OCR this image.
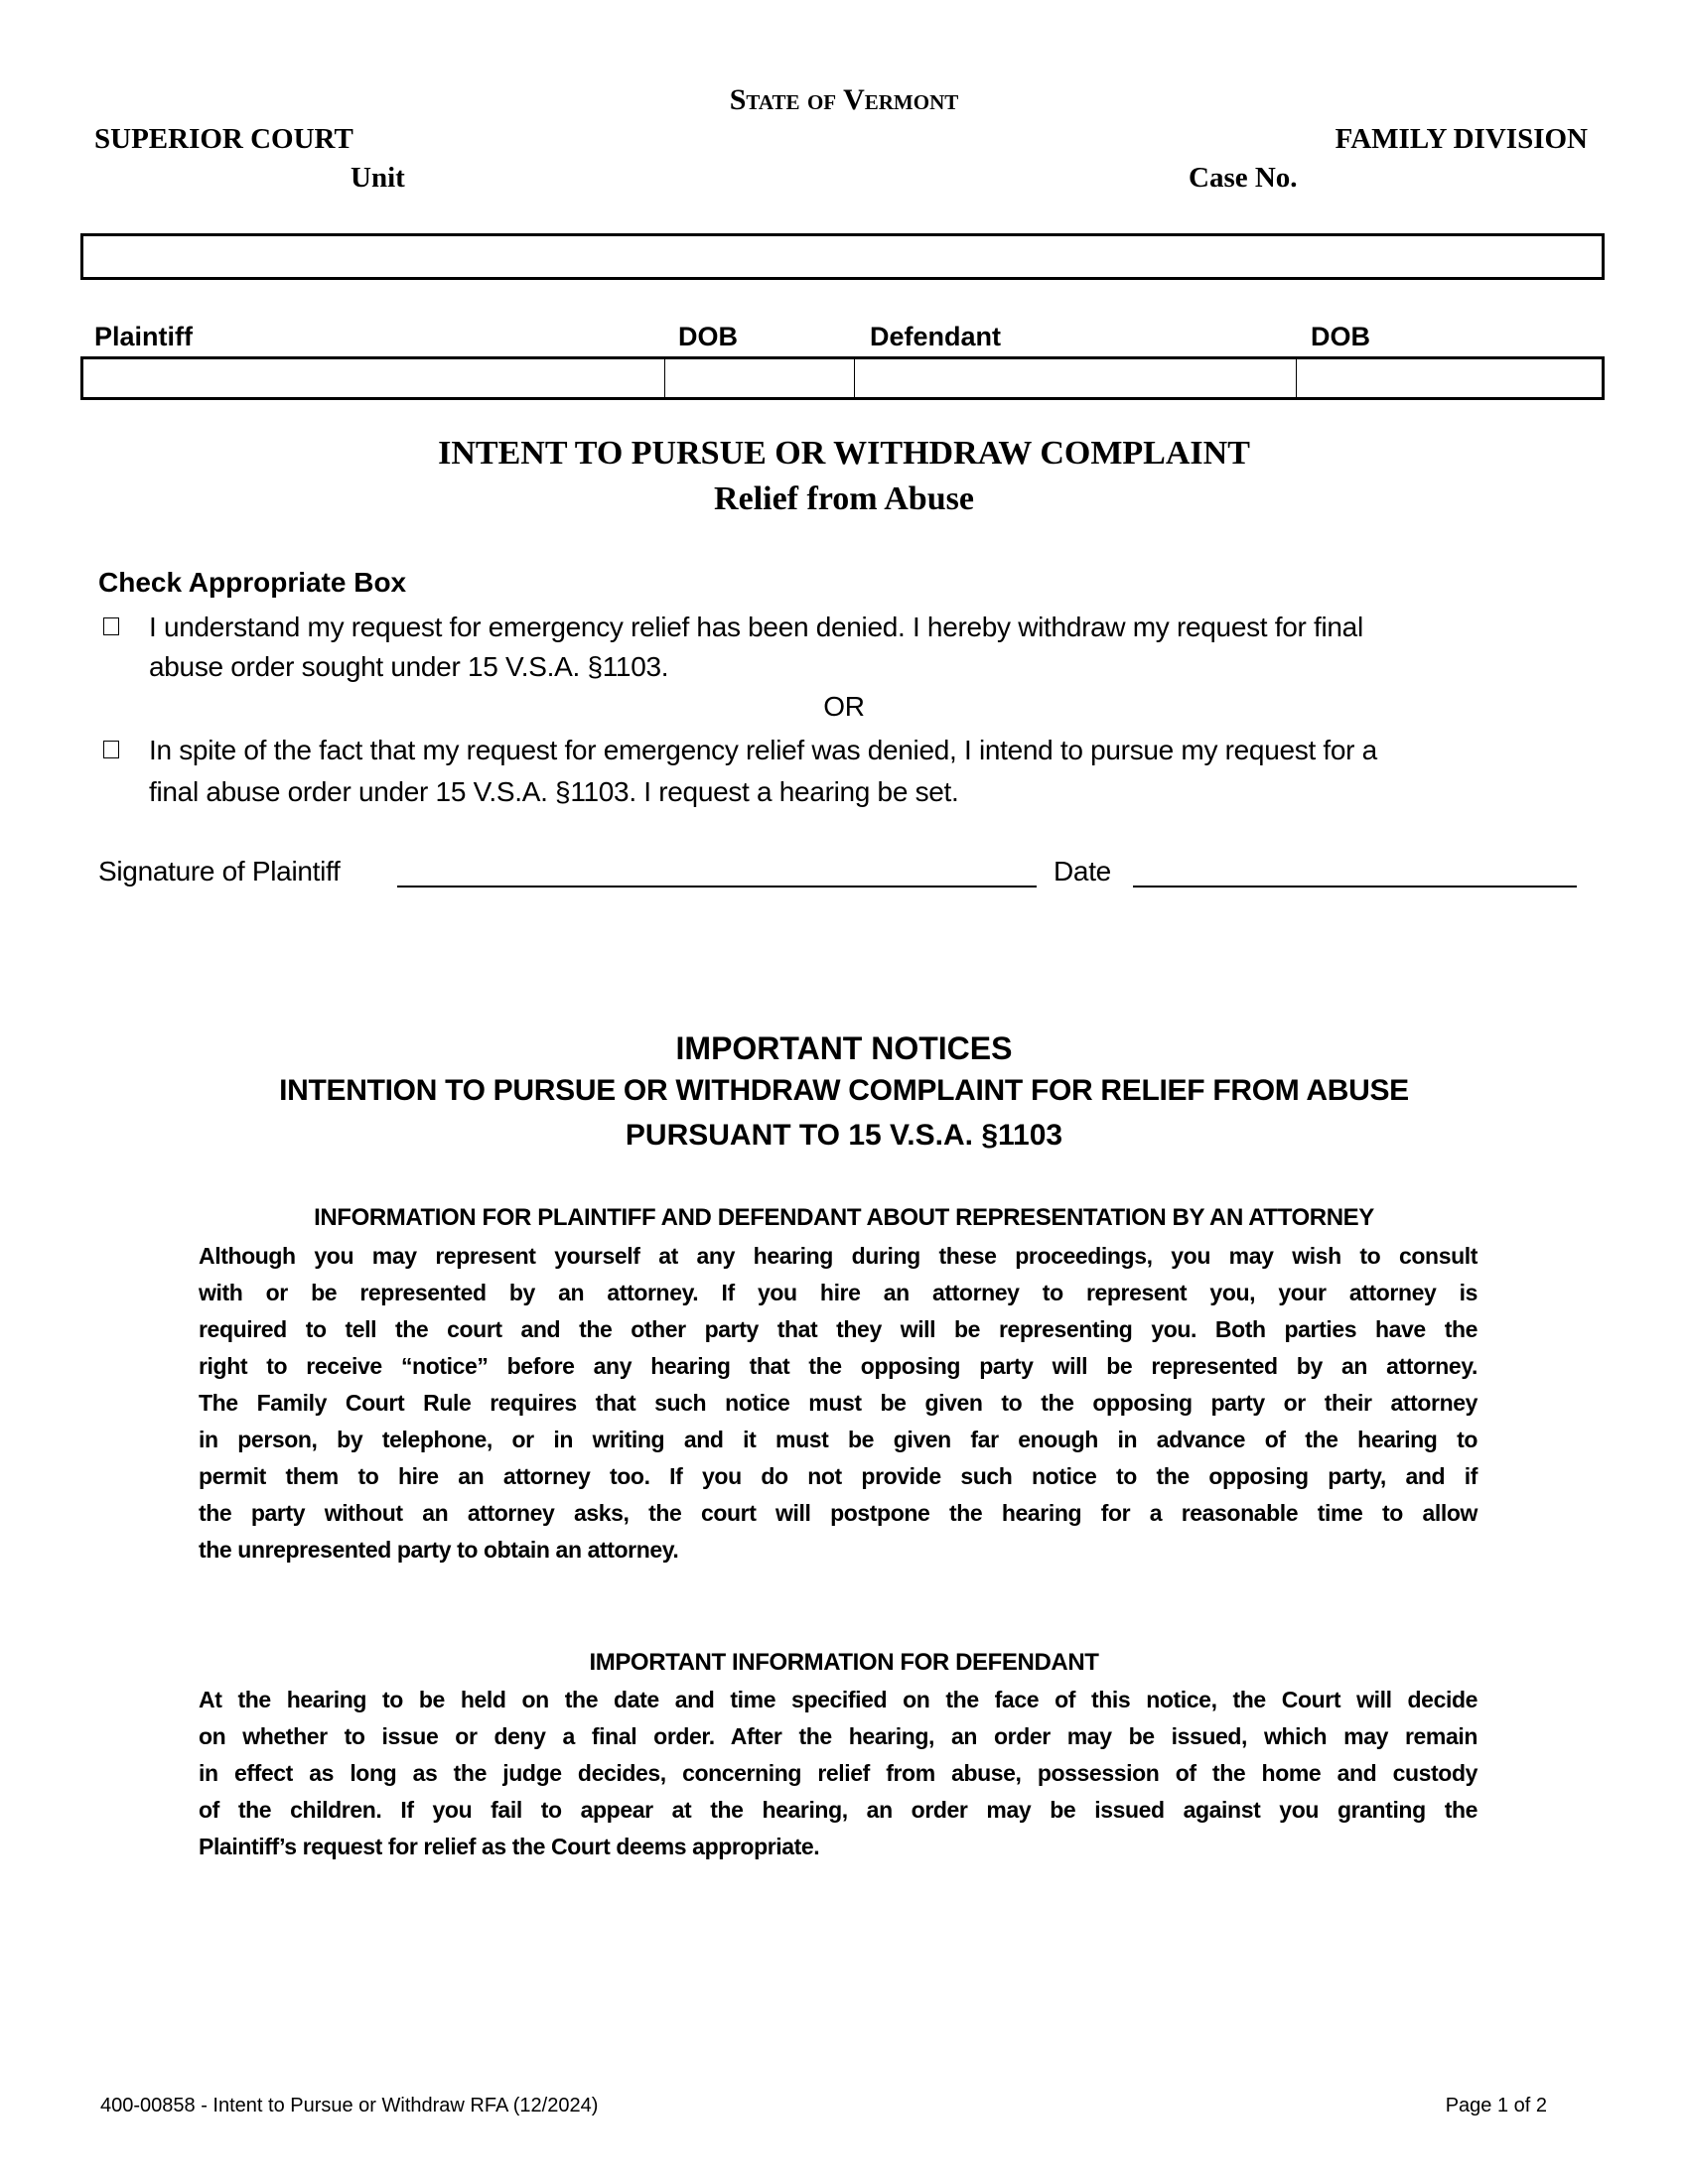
State of Vermont
SUPERIOR COURT	FAMILY DIVISION
Unit	Case No.
Plaintiff	DOB	Defendant	DOB
INTENT TO PURSUE OR WITHDRAW COMPLAINT
Relief from Abuse
Check Appropriate Box
I understand my request for emergency relief has been denied. I hereby withdraw my request for final
abuse order sought under 15 V.S.A. §1103.
OR
In spite of the fact that my request for emergency relief was denied, I intend to pursue my request for a
final abuse order under 15 V.S.A. §1103. I request a hearing be set.
Signature of Plaintiff	Date
IMPORTANT NOTICES
INTENTION TO PURSUE OR WITHDRAW COMPLAINT FOR RELIEF FROM ABUSE
PURSUANT TO 15 V.S.A. §1103
INFORMATION FOR PLAINTIFF AND DEFENDANT ABOUT REPRESENTATION BY AN ATTORNEY
Although you may represent yourself at any hearing during these proceedings, you may wish to consult
with or be represented by an attorney. If you hire an attorney to represent you, your attorney is
required to tell the court and the other party that they will be representing you. Both parties have the
right to receive “notice” before any hearing that the opposing party will be represented by an attorney.
The Family Court Rule requires that such notice must be given to the opposing party or their attorney
in person, by telephone, or in writing and it must be given far enough in advance of the hearing to
permit them to hire an attorney too. If you do not provide such notice to the opposing party, and if
the party without an attorney asks, the court will postpone the hearing for a reasonable time to allow
the unrepresented party to obtain an attorney.
IMPORTANT INFORMATION FOR DEFENDANT
At the hearing to be held on the date and time specified on the face of this notice, the Court will decide
on whether to issue or deny a final order. After the hearing, an order may be issued, which may remain
in effect as long as the judge decides, concerning relief from abuse, possession of the home and custody
of the children. If you fail to appear at the hearing, an order may be issued against you granting the
Plaintiff’s request for relief as the Court deems appropriate.
400-00858 - Intent to Pursue or Withdraw RFA (12/2024)	Page 1 of 2
